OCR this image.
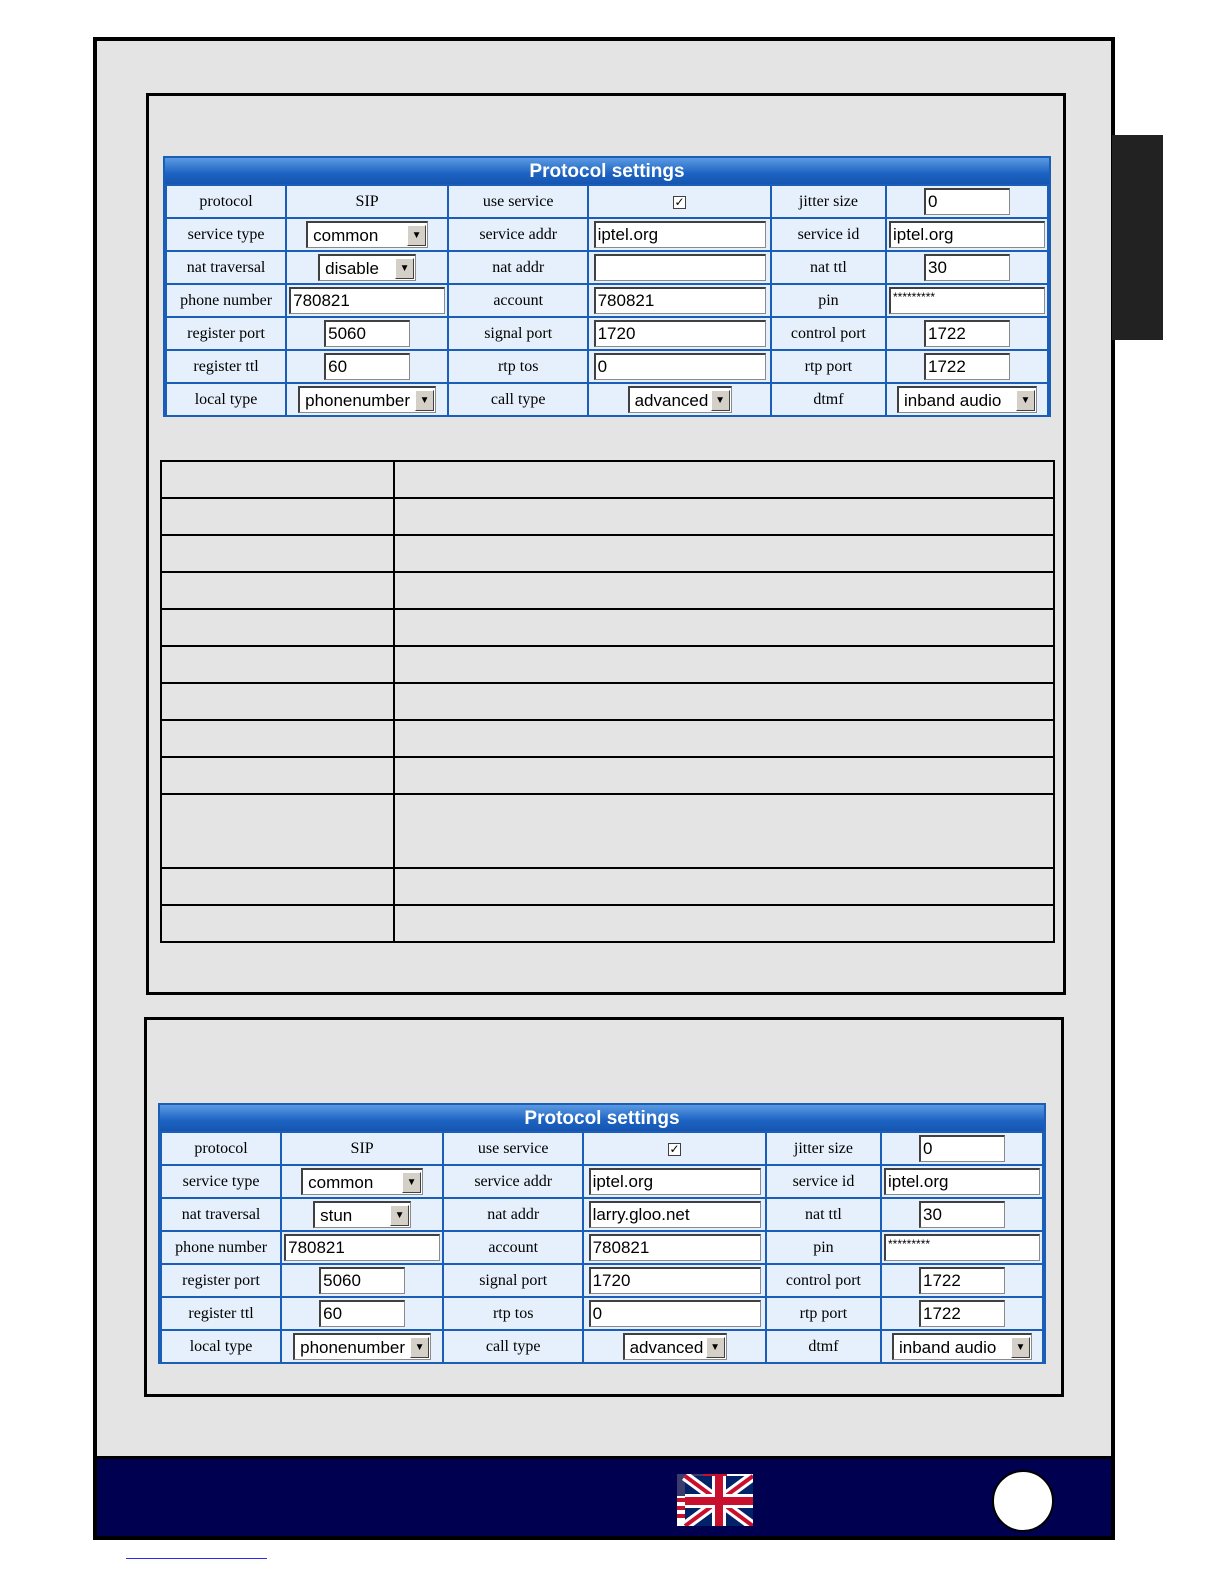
Protocol settings
protocol	SIP	use service	✓	jitter size	0
service type	common ▼	service addr	iptel.org	service id	iptel.org
nat traversal	disable ▼	nat addr		nat ttl	30
phone number	780821	account	780821	pin	*********
register port	5060	signal port	1720	control port	1722
register ttl	60	rtp tos	0	rtp port	1722
local type	phonenumber ▼	call type	advanced ▼	dtmf	inband audio ▼

Protocol settings
protocol	SIP	use service	✓	jitter size	0
service type	common ▼	service addr	iptel.org	service id	iptel.org
nat traversal	stun ▼	nat addr	larry.gloo.net	nat ttl	30
phone number	780821	account	780821	pin	*********
register port	5060	signal port	1720	control port	1722
register ttl	60	rtp tos	0	rtp port	1722
local type	phonenumber ▼	call type	advanced ▼	dtmf	inband audio ▼
